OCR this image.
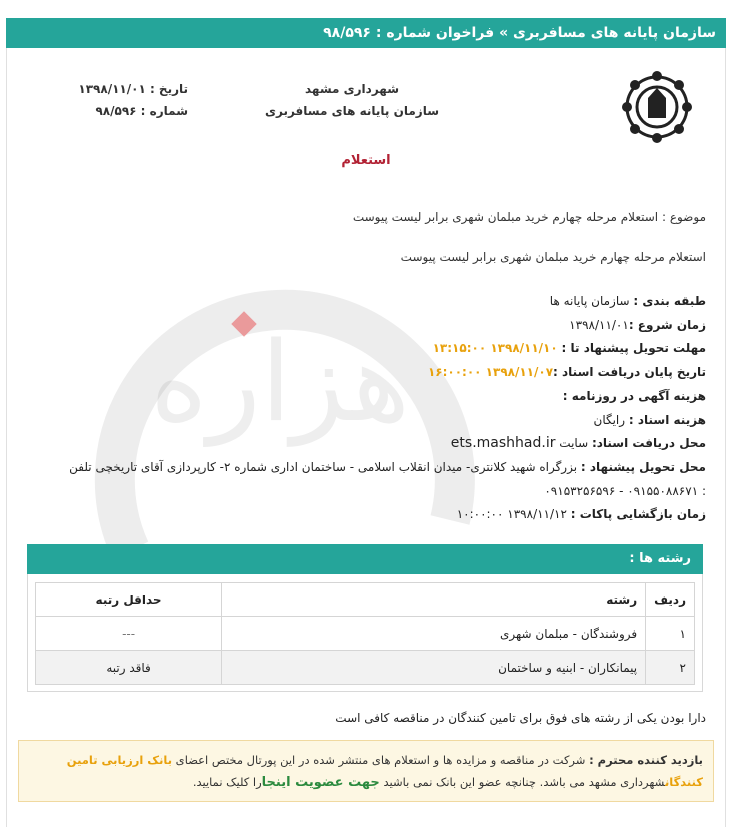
سازمان پایانه های مسافربری » فراخوان شماره : ۹۸/۵۹۶
هزاره
شهرداری مشهد
سازمان پایانه های مسافربری
تاریخ : ۱۳۹۸/۱۱/۰۱
شماره : ۹۸/۵۹۶
استعلام
موضوع : استعلام مرحله چهارم خرید مبلمان شهری برابر لیست پیوست
استعلام مرحله چهارم خرید مبلمان شهری برابر لیست پیوست
طبقه بندی : سازمان پایانه ها
زمان شروع :۱۳۹۸/۱۱/۰۱
مهلت تحویل پیشنهاد تا : ۱۳۹۸/۱۱/۱۰ ۱۳:۱۵:۰۰
تاریخ پایان دریافت اسناد :۱۳۹۸/۱۱/۰۷ ۱۶:۰۰:۰۰
هزینه آگهی در روزنامه :
هزینه اسناد : رایگان
محل دریافت اسناد: سایت ets.mashhad.ir
محل تحویل پیشنهاد : بزرگراه شهید کلانتری- میدان انقلاب اسلامی - ساختمان اداری شماره ۲- کارپردازی آقای تاریخچی تلفن
: ۰۹۱۵۵۰۸۸۶۷۱ - ۰۹۱۵۳۲۵۶۵۹۶
زمان بازگشایی پاکات : ۱۳۹۸/۱۱/۱۲ ۱۰:۰۰:۰۰
رشته ها :
ردیف	رشته	حداقل رتبه
۱	فروشندگان - مبلمان شهری	---
۲	پیمانکاران - ابنیه و ساختمان	فاقد رتبه
دارا بودن یکی از رشته های فوق برای تامین کنندگان در مناقصه کافی است
بازدید کننده محترم : شرکت در مناقصه و مزایده ها و استعلام های منتشر شده در این پورتال مختص اعضای بانک ارزیابی تامین کنندگانشهرداری مشهد می باشد. چنانچه عضو این بانک نمی باشید جهت عضویت اینجارا کلیک نمایید.
